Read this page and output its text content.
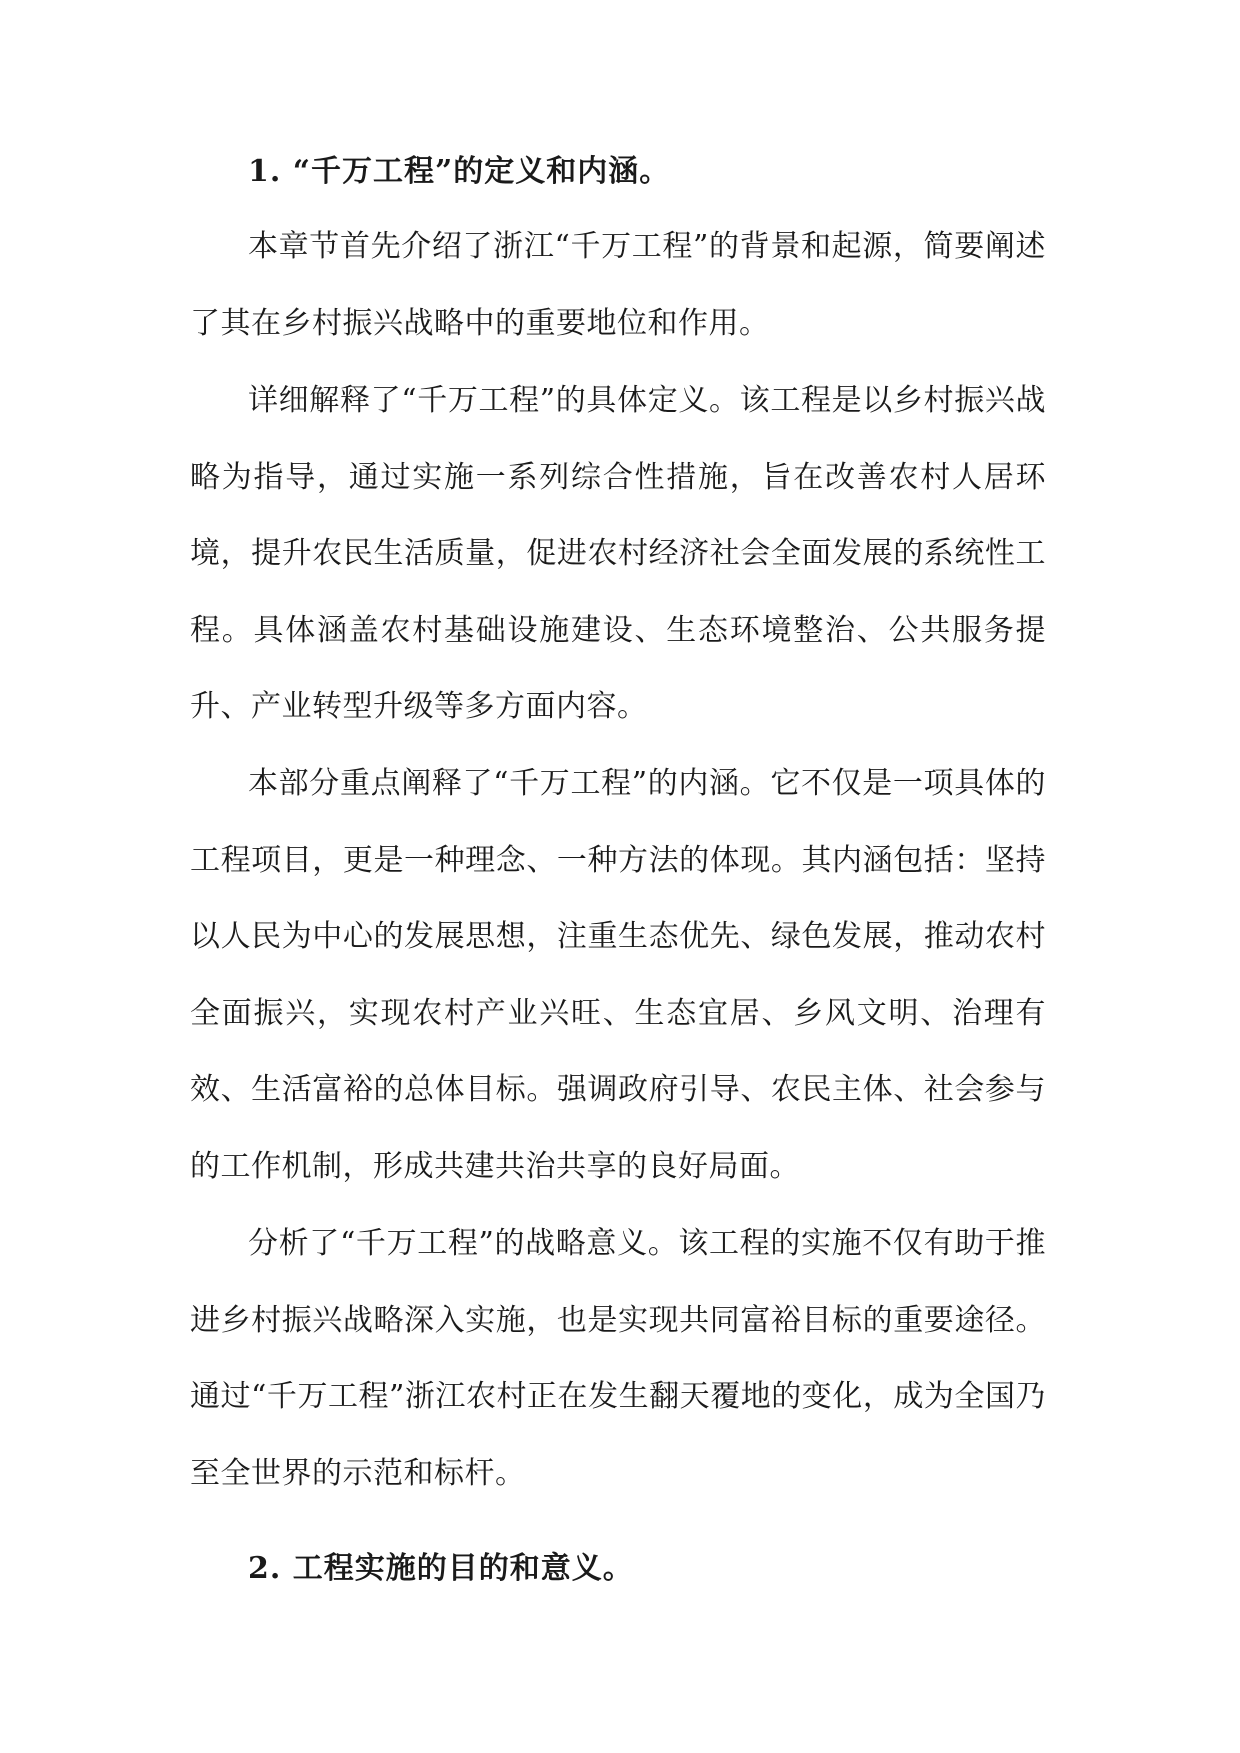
1. “千万工程”的定义和内涵。

本章节首先介绍了浙江“千万工程”的背景和起源，简要阐述了其在乡村振兴战略中的重要地位和作用。

详细解释了“千万工程”的具体定义。该工程是以乡村振兴战略为指导，通过实施一系列综合性措施，旨在改善农村人居环境，提升农民生活质量，促进农村经济社会全面发展的系统性工程。具体涵盖农村基础设施建设、生态环境整治、公共服务提升、产业转型升级等多方面内容。

本部分重点阐释了“千万工程”的内涵。它不仅是一项具体的工程项目，更是一种理念、一种方法的体现。其内涵包括：坚持以人民为中心的发展思想，注重生态优先、绿色发展，推动农村全面振兴，实现农村产业兴旺、生态宜居、乡风文明、治理有效、生活富裕的总体目标。强调政府引导、农民主体、社会参与的工作机制，形成共建共治共享的良好局面。

分析了“千万工程”的战略意义。该工程的实施不仅有助于推进乡村振兴战略深入实施，也是实现共同富裕目标的重要途径。通过“千万工程”浙江农村正在发生翻天覆地的变化，成为全国乃至全世界的示范和标杆。

2. 工程实施的目的和意义。
